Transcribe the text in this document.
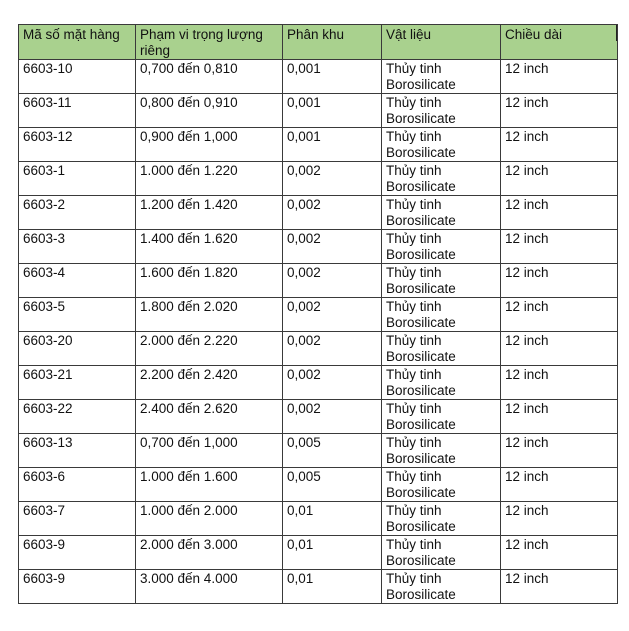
Mã số mặt hàng	Phạm vi trọng lượng riêng	Phân khu	Vật liệu	Chiều dài
6603-10	0,700 đến 0,810	0,001	Thủy tinh Borosilicate	12 inch
6603-11	0,800 đến 0,910	0,001	Thủy tinh Borosilicate	12 inch
6603-12	0,900 đến 1,000	0,001	Thủy tinh Borosilicate	12 inch
6603-1	1.000 đến 1.220	0,002	Thủy tinh Borosilicate	12 inch
6603-2	1.200 đến 1.420	0,002	Thủy tinh Borosilicate	12 inch
6603-3	1.400 đến 1.620	0,002	Thủy tinh Borosilicate	12 inch
6603-4	1.600 đến 1.820	0,002	Thủy tinh Borosilicate	12 inch
6603-5	1.800 đến 2.020	0,002	Thủy tinh Borosilicate	12 inch
6603-20	2.000 đến 2.220	0,002	Thủy tinh Borosilicate	12 inch
6603-21	2.200 đến 2.420	0,002	Thủy tinh Borosilicate	12 inch
6603-22	2.400 đến 2.620	0,002	Thủy tinh Borosilicate	12 inch
6603-13	0,700 đến 1,000	0,005	Thủy tinh Borosilicate	12 inch
6603-6	1.000 đến 1.600	0,005	Thủy tinh Borosilicate	12 inch
6603-7	1.000 đến 2.000	0,01	Thủy tinh Borosilicate	12 inch
6603-9	2.000 đến 3.000	0,01	Thủy tinh Borosilicate	12 inch
6603-9	3.000 đến 4.000	0,01	Thủy tinh Borosilicate	12 inch
